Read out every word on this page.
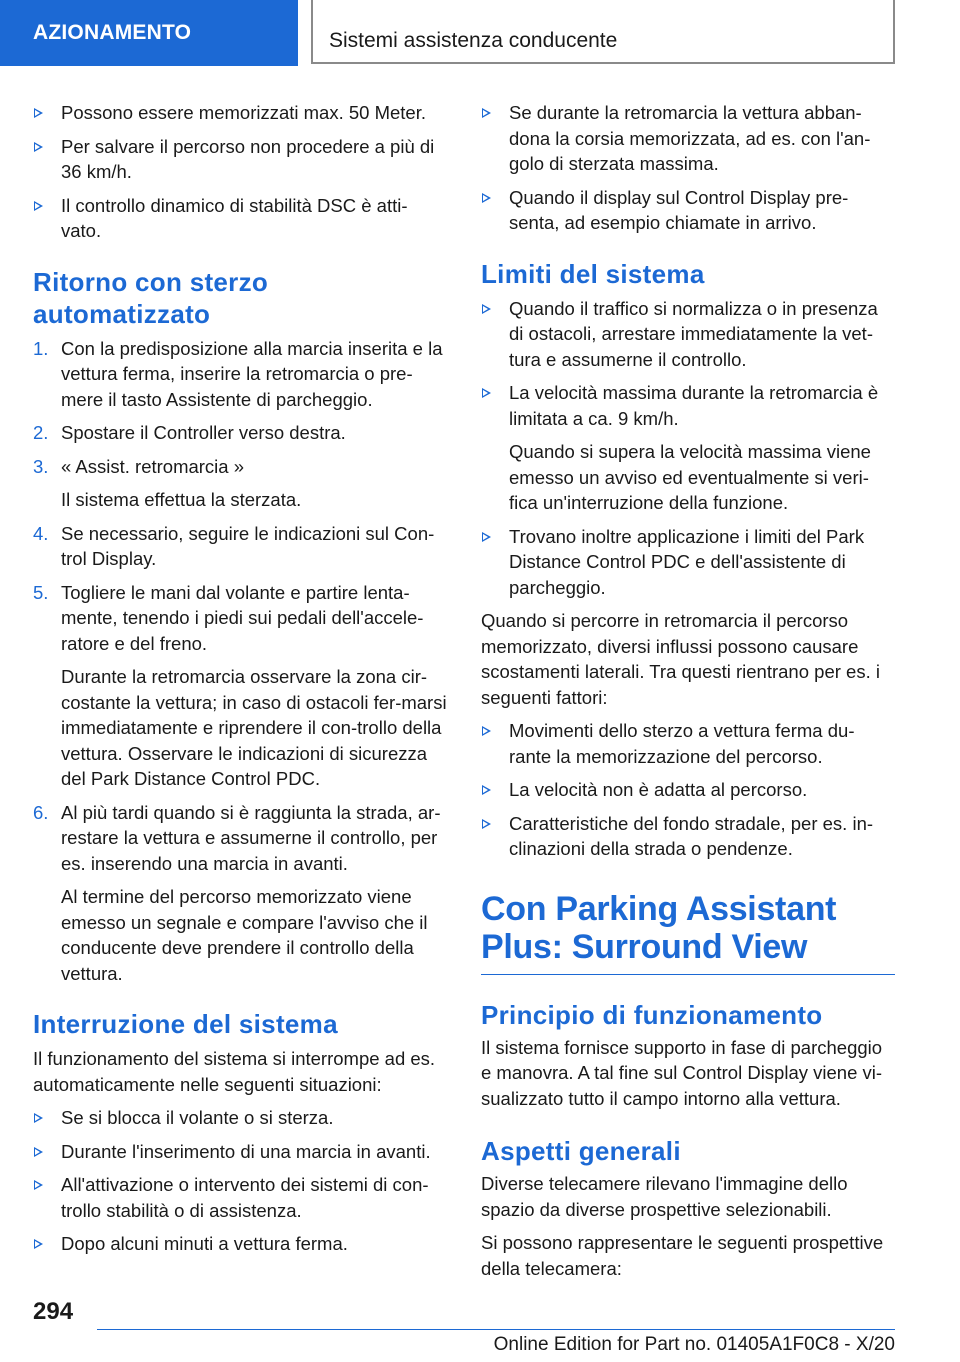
AZIONAMENTO	Sistemi assistenza conducente
Possono essere memorizzati max. 50 Meter.
Per salvare il percorso non procedere a più di 36 km/h.
Il controllo dinamico di stabilità DSC è atti-vato.
Ritorno con sterzo automatizzato
1. Con la predisposizione alla marcia inserita e la vettura ferma, inserire la retromarcia o pre-mere il tasto Assistente di parcheggio.
2. Spostare il Controller verso destra.
3. « Assist. retromarcia »
Il sistema effettua la sterzata.
4. Se necessario, seguire le indicazioni sul Con-trol Display.
5. Togliere le mani dal volante e partire lenta-mente, tenendo i piedi sui pedali dell'accele-ratore e del freno.
Durante la retromarcia osservare la zona cir-costante la vettura; in caso di ostacoli fer-marsi immediatamente e riprendere il con-trollo della vettura. Osservare le indicazioni di sicurezza del Park Distance Control PDC.
6. Al più tardi quando si è raggiunta la strada, ar-restare la vettura e assumerne il controllo, per es. inserendo una marcia in avanti.
Al termine del percorso memorizzato viene emesso un segnale e compare l'avviso che il conducente deve prendere il controllo della vettura.
Interruzione del sistema
Il funzionamento del sistema si interrompe ad es. automaticamente nelle seguenti situazioni:
Se si blocca il volante o si sterza.
Durante l'inserimento di una marcia in avanti.
All'attivazione o intervento dei sistemi di con-trollo stabilità o di assistenza.
Dopo alcuni minuti a vettura ferma.
Se durante la retromarcia la vettura abban-dona la corsia memorizzata, ad es. con l'an-golo di sterzata massima.
Quando il display sul Control Display pre-senta, ad esempio chiamate in arrivo.
Limiti del sistema
Quando il traffico si normalizza o in presenza di ostacoli, arrestare immediatamente la vet-tura e assumerne il controllo.
La velocità massima durante la retromarcia è limitata a ca. 9 km/h.
Quando si supera la velocità massima viene emesso un avviso ed eventualmente si veri-fica un'interruzione della funzione.
Trovano inoltre applicazione i limiti del Park Distance Control PDC e dell'assistente di parcheggio.
Quando si percorre in retromarcia il percorso memorizzato, diversi influssi possono causare scostamenti laterali. Tra questi rientrano per es. i seguenti fattori:
Movimenti dello sterzo a vettura ferma du-rante la memorizzazione del percorso.
La velocità non è adatta al percorso.
Caratteristiche del fondo stradale, per es. in-clinazioni della strada o pendenze.
Con Parking Assistant Plus: Surround View
Principio di funzionamento
Il sistema fornisce supporto in fase di parcheggio e manovra. A tal fine sul Control Display viene vi-sualizzato tutto il campo intorno alla vettura.
Aspetti generali
Diverse telecamere rilevano l'immagine dello spazio da diverse prospettive selezionabili.
Si possono rappresentare le seguenti prospettive della telecamera:
294
Online Edition for Part no. 01405A1F0C8 - X/20
